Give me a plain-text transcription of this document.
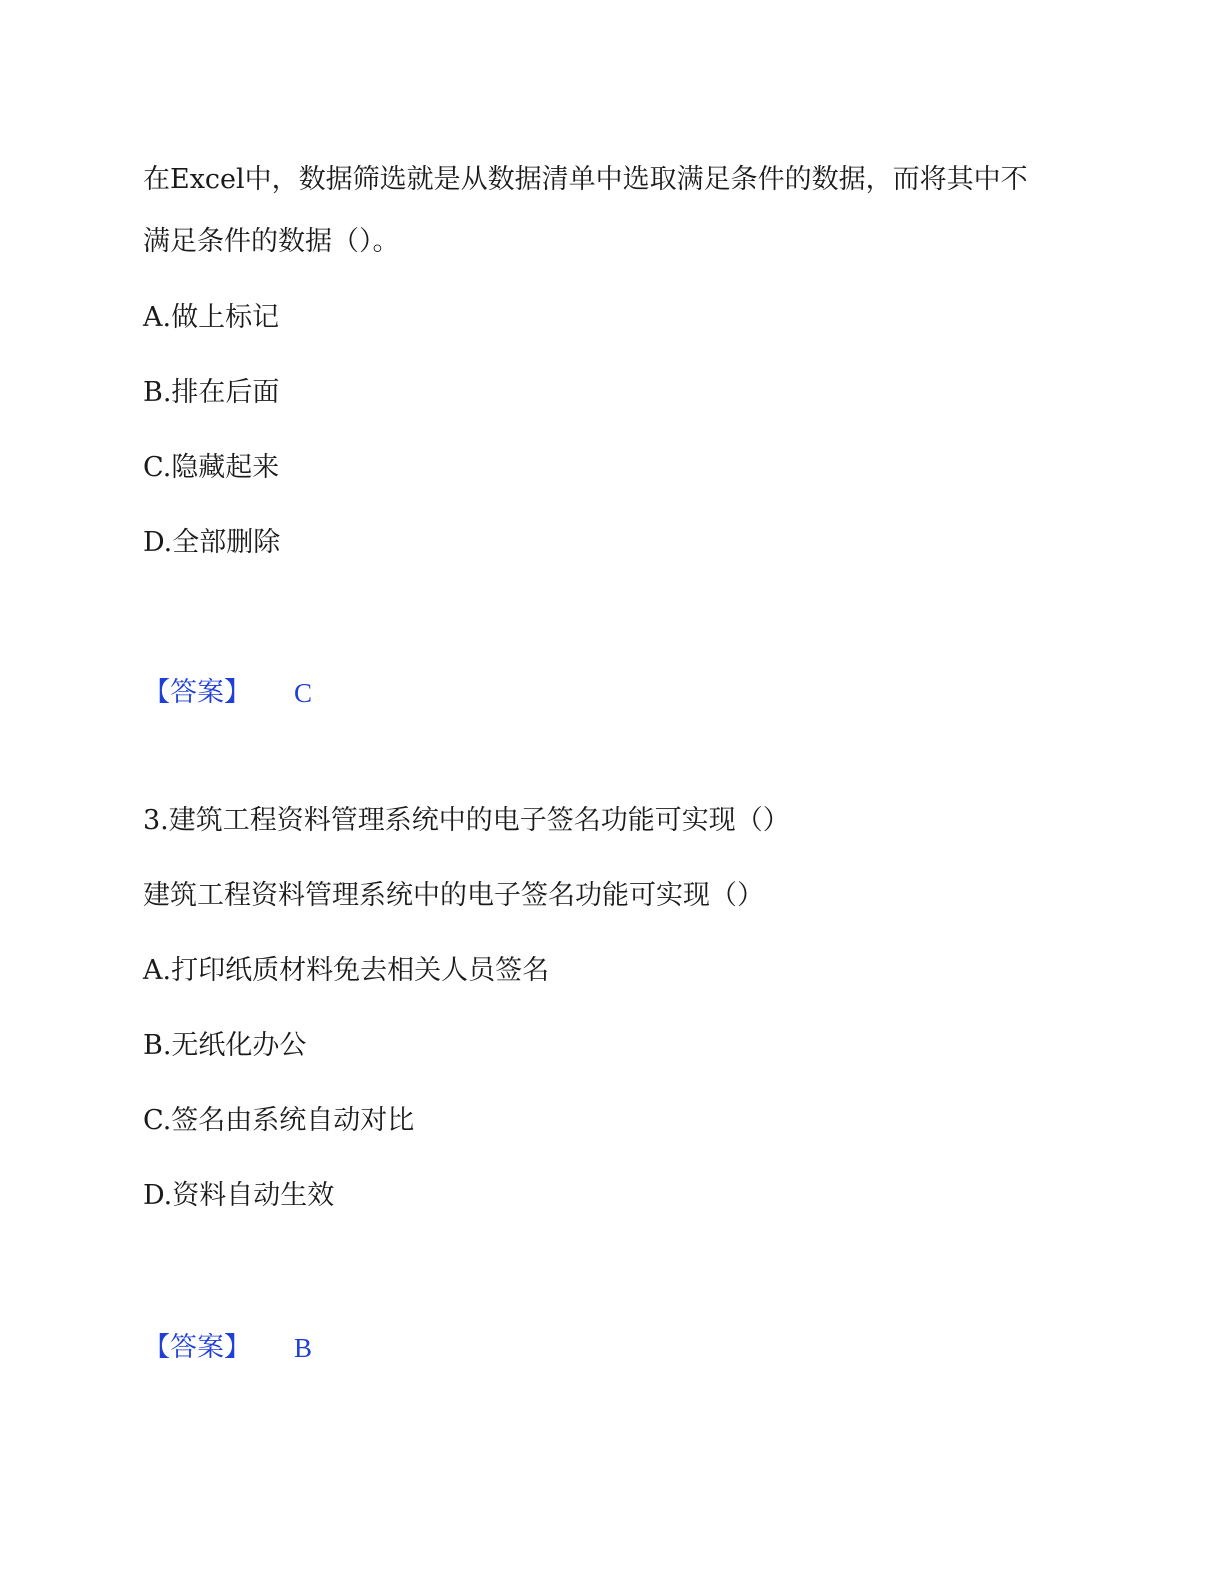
在Excel中，数据筛选就是从数据清单中选取满足条件的数据，而将其中不
满足条件的数据（）。
A.做上标记
B.排在后面
C.隐藏起来
D.全部删除
【答案】 C
3.建筑工程资料管理系统中的电子签名功能可实现（）
建筑工程资料管理系统中的电子签名功能可实现（）
A.打印纸质材料免去相关人员签名
B.无纸化办公
C.签名由系统自动对比
D.资料自动生效
【答案】 B
